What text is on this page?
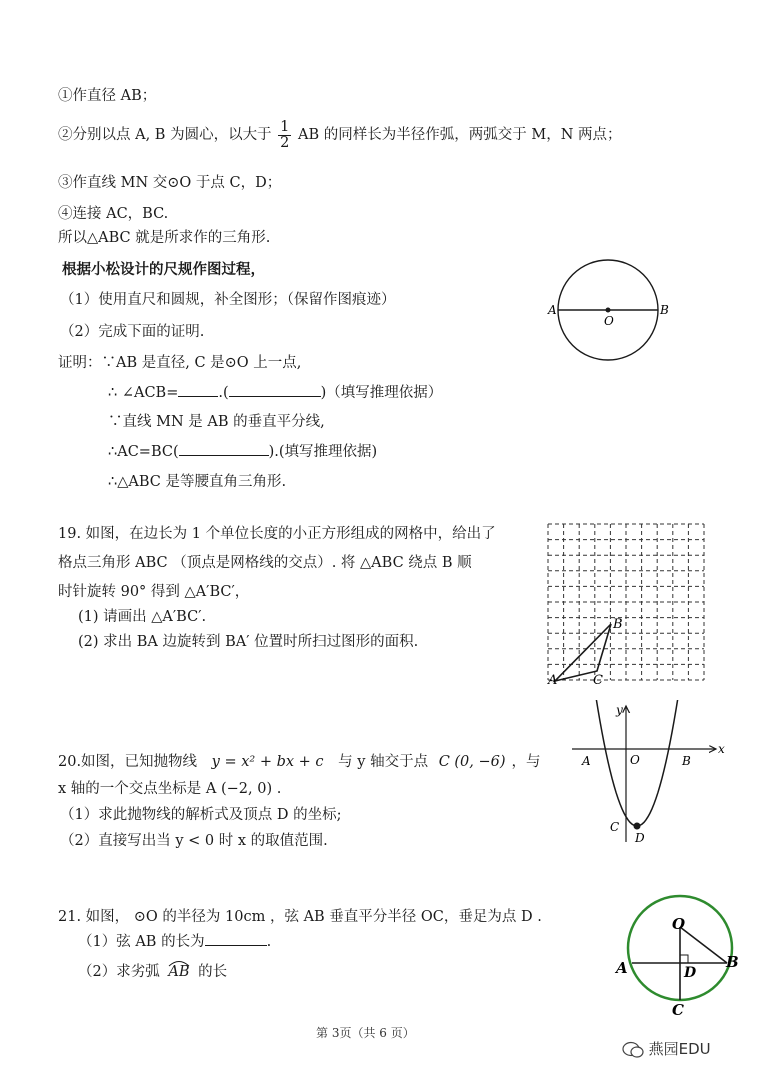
①作直径 AB；
②分别以点 A, B 为圆心，以大于 $\frac{1}{2}$ AB 的同样长为半径作弧，两弧交于 M，N 两点；
③作直线 MN 交⊙O 于点 C，D；
④连接 AC，BC.
所以△ABC 就是所求作的三角形.
根据小松设计的尺规作图过程，
（1）使用直尺和圆规，补全图形；（保留作图痕迹）
（2）完成下面的证明.
证明：∵AB 是直径, C 是⊙O 上一点,
∴ ∠ACB=	.(	)（填写推理依据）
∵直线 MN 是 AB 的垂直平分线,
∴AC=BC(	).(填写推理依据)
∴△ABC 是等腰直角三角形.
A
O
B
19. 如图，在边长为 1 个单位长度的小正方形组成的网格中，给出了
格点三角形 ABC （顶点是网格线的交点）. 将 △ABC 绕点 B 顺
时针旋转 90° 得到 △A′BC′，
(1) 请画出 △A′BC′.
(2) 求出 BA 边旋转到 BA′ 位置时所扫过图形的面积.
A	C
B
20.如图，已知抛物线 y = x² + bx + c 与 y 轴交于点 C (0, −6) ，与
x 轴的一个交点坐标是 A (−2, 0) .
（1）求此抛物线的解析式及顶点 D 的坐标;
（2）直接写出当 y < 0 时 x 的取值范围.
y
x
A	O	B
C
D
21. 如图， ⊙O 的半径为 10cm ，弦 AB 垂直平分半径 OC，垂足为点 D .
（1）弦 AB 的长为	.
（2）求劣弧 AB 的长
O
A	D
B
C
第 3页（共 6 页）
燕园EDU
